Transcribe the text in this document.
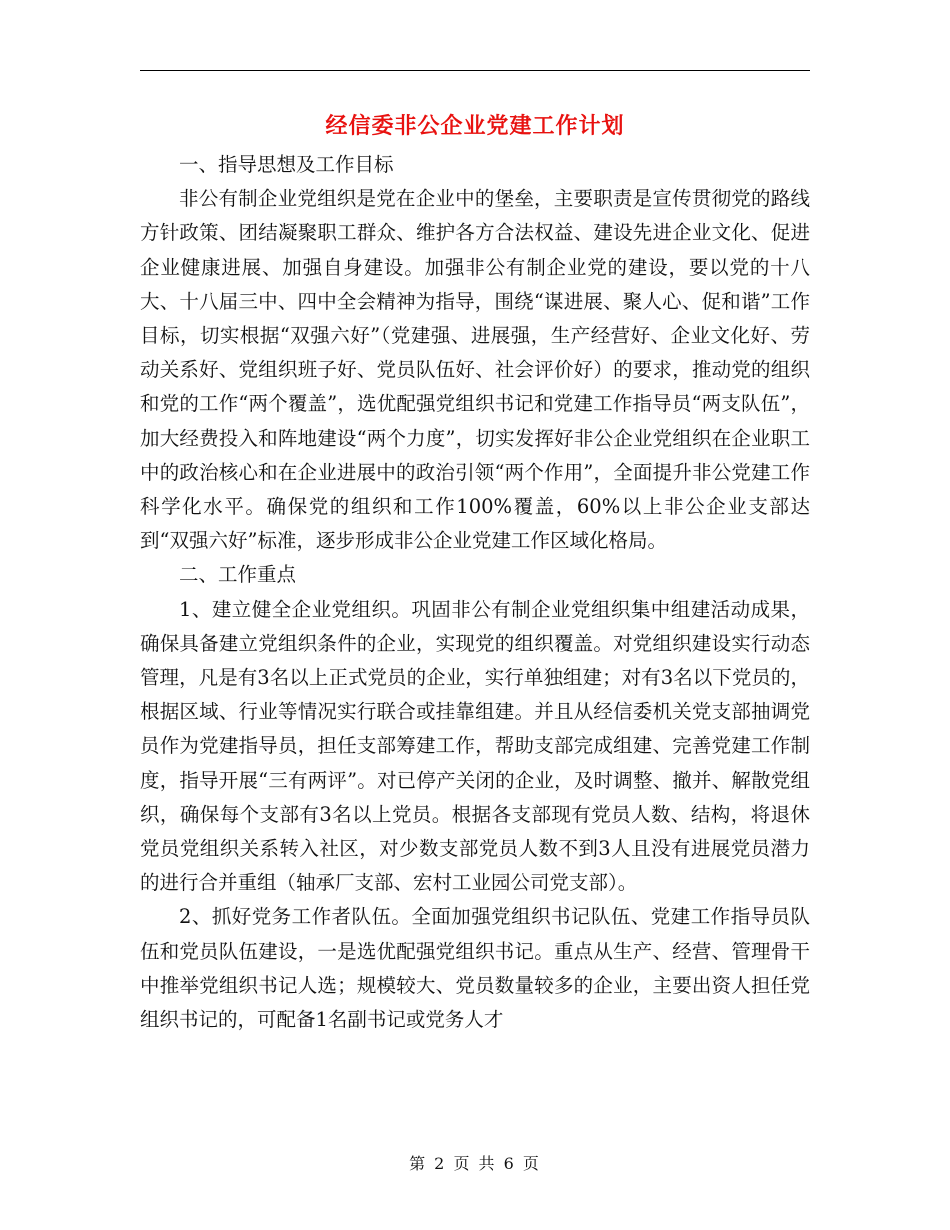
经信委非公企业党建工作计划

一、指导思想及工作目标

非公有制企业党组织是党在企业中的堡垒，主要职责是宣传贯彻党的路线方针政策、团结凝聚职工群众、维护各方合法权益、建设先进企业文化、促进企业健康进展、加强自身建设。加强非公有制企业党的建设，要以党的十八大、十八届三中、四中全会精神为指导，围绕“谋进展、聚人心、促和谐”工作目标，切实根据“双强六好”（党建强、进展强，生产经营好、企业文化好、劳动关系好、党组织班子好、党员队伍好、社会评价好）的要求，推动党的组织和党的工作“两个覆盖”，选优配强党组织书记和党建工作指导员“两支队伍”，加大经费投入和阵地建设“两个力度”，切实发挥好非公企业党组织在企业职工中的政治核心和在企业进展中的政治引领“两个作用”，全面提升非公党建工作科学化水平。确保党的组织和工作100%覆盖，60%以上非公企业支部达到“双强六好”标准，逐步形成非公企业党建工作区域化格局。

二、工作重点

1、建立健全企业党组织。巩固非公有制企业党组织集中组建活动成果，确保具备建立党组织条件的企业，实现党的组织覆盖。对党组织建设实行动态管理，凡是有3名以上正式党员的企业，实行单独组建；对有3名以下党员的，根据区域、行业等情况实行联合或挂靠组建。并且从经信委机关党支部抽调党员作为党建指导员，担任支部筹建工作，帮助支部完成组建、完善党建工作制度，指导开展“三有两评”。对已停产关闭的企业，及时调整、撤并、解散党组织，确保每个支部有3名以上党员。根据各支部现有党员人数、结构，将退休党员党组织关系转入社区，对少数支部党员人数不到3人且没有进展党员潜力的进行合并重组（轴承厂支部、宏村工业园公司党支部）。

2、抓好党务工作者队伍。全面加强党组织书记队伍、党建工作指导员队伍和党员队伍建设，一是选优配强党组织书记。重点从生产、经营、管理骨干中推举党组织书记人选；规模较大、党员数量较多的企业，主要出资人担任党组织书记的，可配备1名副书记或党务人才

第 2 页 共 6 页
